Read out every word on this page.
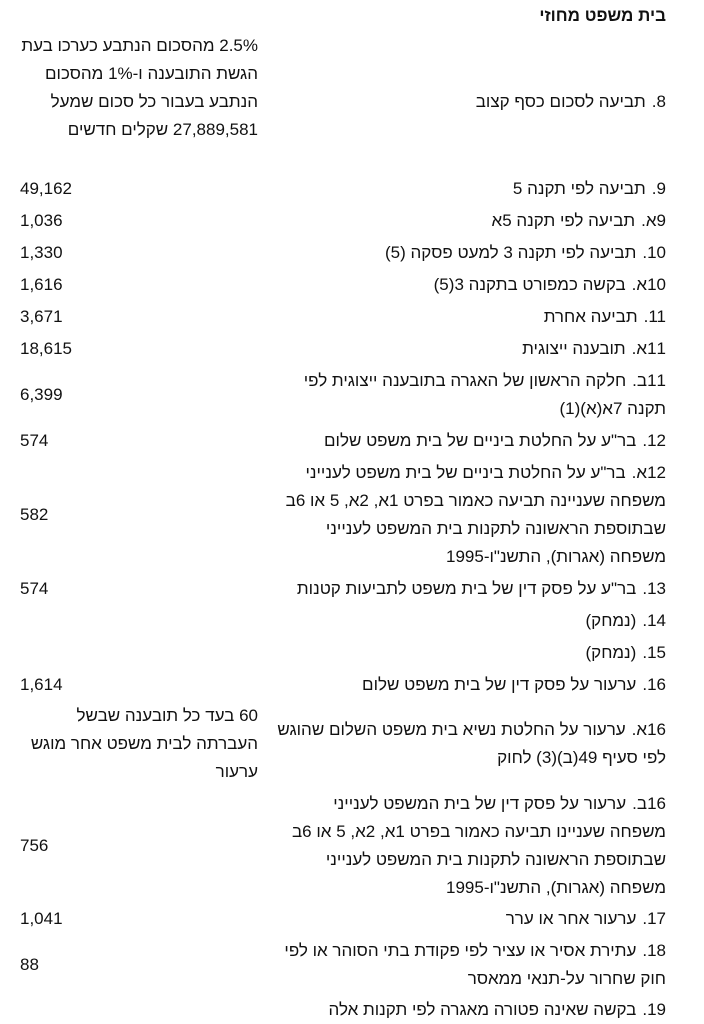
בית משפט מחוזי
8.
תביעה לסכום כסף קצוב
2.5% מהסכום הנתבע כערכו בעת הגשת התובענה ו-1% מהסכום הנתבע בעבור כל סכום שמעל 27,889,581 שקלים חדשים
9.
תביעה לפי תקנה 5
49,162
9א.
תביעה לפי תקנה 5א
1,036
10.
תביעה לפי תקנה 3 למעט פסקה (5)
1,330
10א.
בקשה כמפורט בתקנה 3(5)
1,616
11.
תביעה אחרת
3,671
11א.
תובענה ייצוגית
18,615
11ב.חלקה הראשון של האגרה בתובענה ייצוגית לפי תקנה 7א(א)(1)
6,399
12.
בר"ע על החלטת ביניים של בית משפט שלום
574
12א.בר"ע על החלטת ביניים של בית משפט לענייני משפחה שעניינה תביעה כאמור בפרט 1א, 2א, 5 או 6ב שבתוספת הראשונה לתקנות בית המשפט לענייני משפחה (אגרות), התשנ"ו-1995
582
13.
בר"ע על פסק דין של בית משפט לתביעות קטנות
574
14.
(נמחק)
15.
(נמחק)
16.
ערעור על פסק דין של בית משפט שלום
1,614
16א.ערעור על החלטת נשיא בית משפט השלום שהוגש לפי סעיף 49(ב)(3) לחוק
60 בעד כל תובענה שבשל העברתה לבית משפט אחר מוגש ערעור
16ב.ערעור על פסק דין של בית המשפט לענייני משפחה שעניינו תביעה כאמור בפרט 1א, 2א, 5 או 6ב שבתוספת הראשונה לתקנות בית המשפט לענייני משפחה (אגרות), התשנ"ו-1995
756
17.
ערעור אחר או ערר
1,041
18.עתירת אסיר או עציר לפי פקודת בתי הסוהר או לפי חוק שחרור על-תנאי ממאסר
88
19.
בקשה שאינה פטורה מאגרה לפי תקנות אלה
